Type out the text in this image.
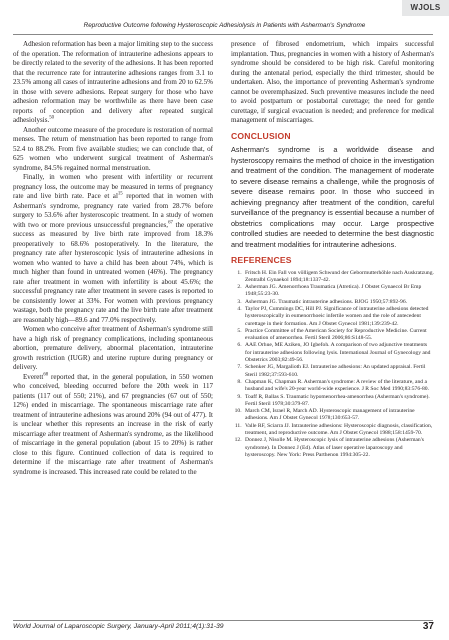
WJOLS
Reproductive Outcome following Hysteroscopic Adhesiolysis in Patients with Asherman's Syndrome

Adhesion reformation has been a major limiting step to the success of the operation. The reformation of intrauterine adhesions appears to be directly related to the severity of the adhesions. It has been reported that the recurrence rate for intrauterine adhesions ranges from 3.1 to 23.5% among all cases of intrauterine adhesions and from 20 to 62.5% in those with severe adhesions. Repeat surgery for those who have adhesion reformation may be worthwhile as there have been case reports of conception and delivery after repeated surgical adhesiolysis.$^{50}$

Another outcome measure of the procedure is restoration of normal menses. The return of menstruation has been reported to range from 52.4 to 88.2%. From five available studies; we can conclude that, of 625 women who underwent surgical treatment of Asherman's syndrome, 84.5% regained normal menstruation.

Finally, in women who present with infertility or recurrent pregnancy loss, the outcome may be measured in terms of pregnancy rate and live birth rate. Pace et $al^{15}$ reported that in women with Asherman's syndrome, pregnancy rate varied from 28.7% before surgery to 53.6% after hysteroscopic treatment. In a study of women with two or more previous unsuccessful pregnancies,$^{67}$ the operative success as measured by live birth rate improved from 18.3% preoperatively to 68.6% postoperatively. In the literature, the pregnancy rate after hysteroscopic lysis of intrauterine adhesions in women who wanted to have a child has been about 74%, which is much higher than found in untreated women (46%). The pregnancy rate after treatment in women with infertility is about 45.6%; the successful pregnancy rate after treatment in severe cases is reported to be consistently lower at 33%. For women with previous pregnancy wastage, both the pregnancy rate and the live birth rate after treatment are reasonably high—89.6 and 77.0% respectively.

Women who conceive after treatment of Asherman's syndrome still have a high risk of pregnancy complications, including spontaneous abortion, premature delivery, abnormal placentation, intrauterine growth restriction (IUGR) and uterine rupture during pregnancy or delivery.

Everett$^{68}$ reported that, in the general population, in 550 women who conceived, bleeding occurred before the 20th week in 117 patients (117 out of 550; 21%), and 67 pregnancies (67 out of 550; 12%) ended in miscarriage. The spontaneous miscarriage rate after treatment of intrauterine adhesions was around 20% (94 out of 477). It is unclear whether this represents an increase in the risk of early miscarriage after treatment of Asherman's syndrome, as the likelihood of miscarriage in the general population (about 15 to 20%) is rather close to this figure. Continued collection of data is required to determine if the miscarriage rate after treatment of Asherman's syndrome is increased. This increased rate could be related to the

presence of fibrosed endometrium, which impairs successful implantation. Thus, pregnancies in women with a history of Asherman's syndrome should be considered to be high risk. Careful monitoring during the antenatal period, especially the third trimester, should be undertaken. Also, the importance of preventing Asherman's syndrome cannot be overemphasized. Such preventive measures include the need to avoid postpartum or postabortal curettage; the need for gentle curettage, if surgical evacuation is needed; and preference for medical management of miscarriages.

CONCLUSION

Asherman's syndrome is a worldwide disease and hysteroscopy remains the method of choice in the investigation and treatment of the condition. The management of moderate to severe disease remains a challenge, while the prognosis of severe disease remains poor. In those who succeed in achieving pregnancy after treatment of the condition, careful surveillance of the pregnancy is essential because a number of obstetrics complications may occur. Large prospective controlled studies are needed to determine the best diagnostic and treatment modalities for intrauterine adhesions.

REFERENCES
1. Fritsch H. Ein Fall von völligem Schwund der Gebormutterhöhle nach Auskratzung. Zentralbl Gynaekol 1894;18:1337-42.
2. Asherman JG. Amenorrhoea Traumatica (Atretica). J Obstet Gynaecol Br Emp 1948;55:23-30.
3. Asherman JG. Traumatic intrauterine adhesions. BJOG 1950;57:892-96.
4. Taylor PJ, Cummings DC, Hill PJ. Significance of intrauterine adhesions detected hysteroscopically in eumenorrhoeic infertile women and the role of antecedent curettage in their formation. Am J Obstet Gynecol 1981;139:239-42.
5. Practice Committee of the American Society for Reproductive Medicine. Current evaluation of amenorrhea. Fertil Steril 2006;86:S148-55.
6. AAE Orhue, ME Aziken, JO Igbefoh. A comparison of two adjunctive treatments for intrauterine adhesions following lysis. International Journal of Gynecology and Obstetrics 2003;82:49-56.
7. Schenker JG, Margalioth EJ. Intrauterine adhesions: An updated appraisal. Fertil Steril 1982;37:593-610.
8. Chapman K, Chapman R. Asherman's syndrome: A review of the literature, and a husband and wife's 20-year world-wide experience. J R Soc Med 1990;83:576-80.
9. Toaff R, Ballas S. Traumatic hypomenorrhea-amenorrhea (Asherman's syndrome). Fertil Steril 1978;30:379-87.
10. March CM, Israel R, March AD. Hysteroscopic management of intrauterine adhesions. Am J Obstet Gynecol 1978;130:653-57.
11. Valle RF, Sciarra JJ. Intrauterine adhesions: Hysteroscopic diagnosis, classification, treatment, and reproductive outcome. Am J Obstet Gynecol 1988;158:1459-70.
12. Donnez J, Nisolle M. Hysteroscopic lysis of intrauterine adhesions (Asherman's syndrome). In Donnez J (Ed). Atlas of laser operative laparoscopy and hysteroscopy. New York: Press Parthenon 1994:305-22.
World Journal of Laparoscopic Surgery, January-April 2011;4(1):31-39	37
